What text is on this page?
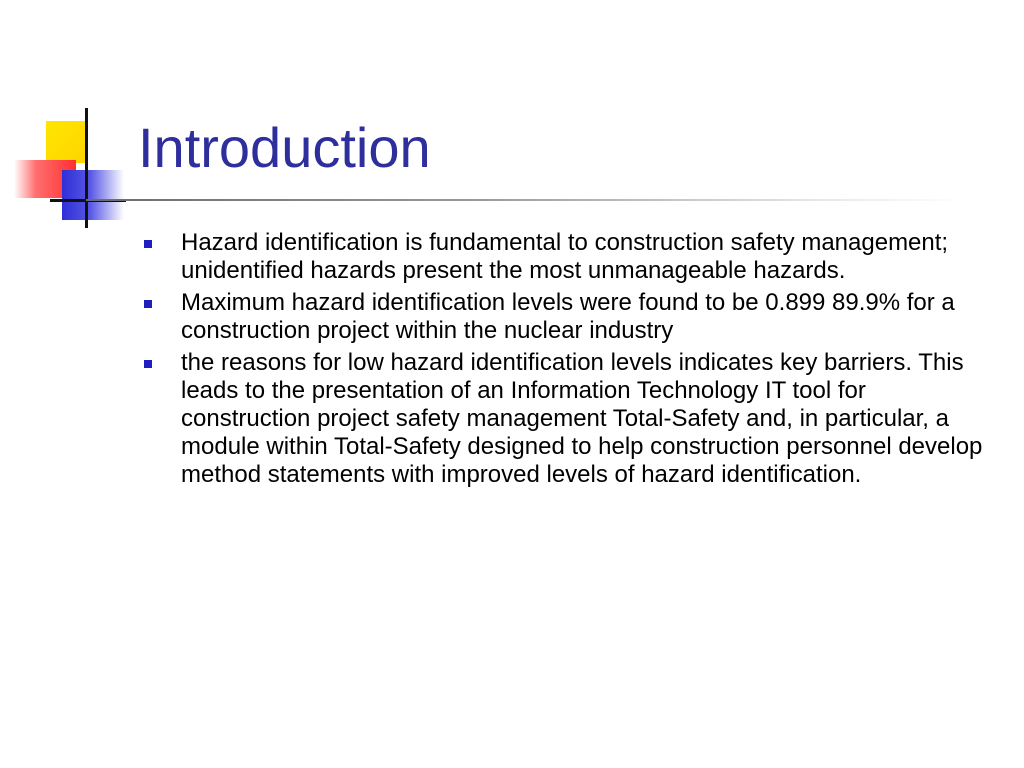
Introduction
Hazard identification is fundamental to construction safety management; unidentified hazards present the most unmanageable hazards.
Maximum hazard identification levels were found to be 0.899 89.9% for a construction project within the nuclear industry
the reasons for low hazard identification levels indicates key barriers. This leads to the presentation of an Information Technology IT tool for construction project safety management Total-Safety and, in particular, a module within Total-Safety designed to help construction personnel develop method statements with improved levels of hazard identification.
